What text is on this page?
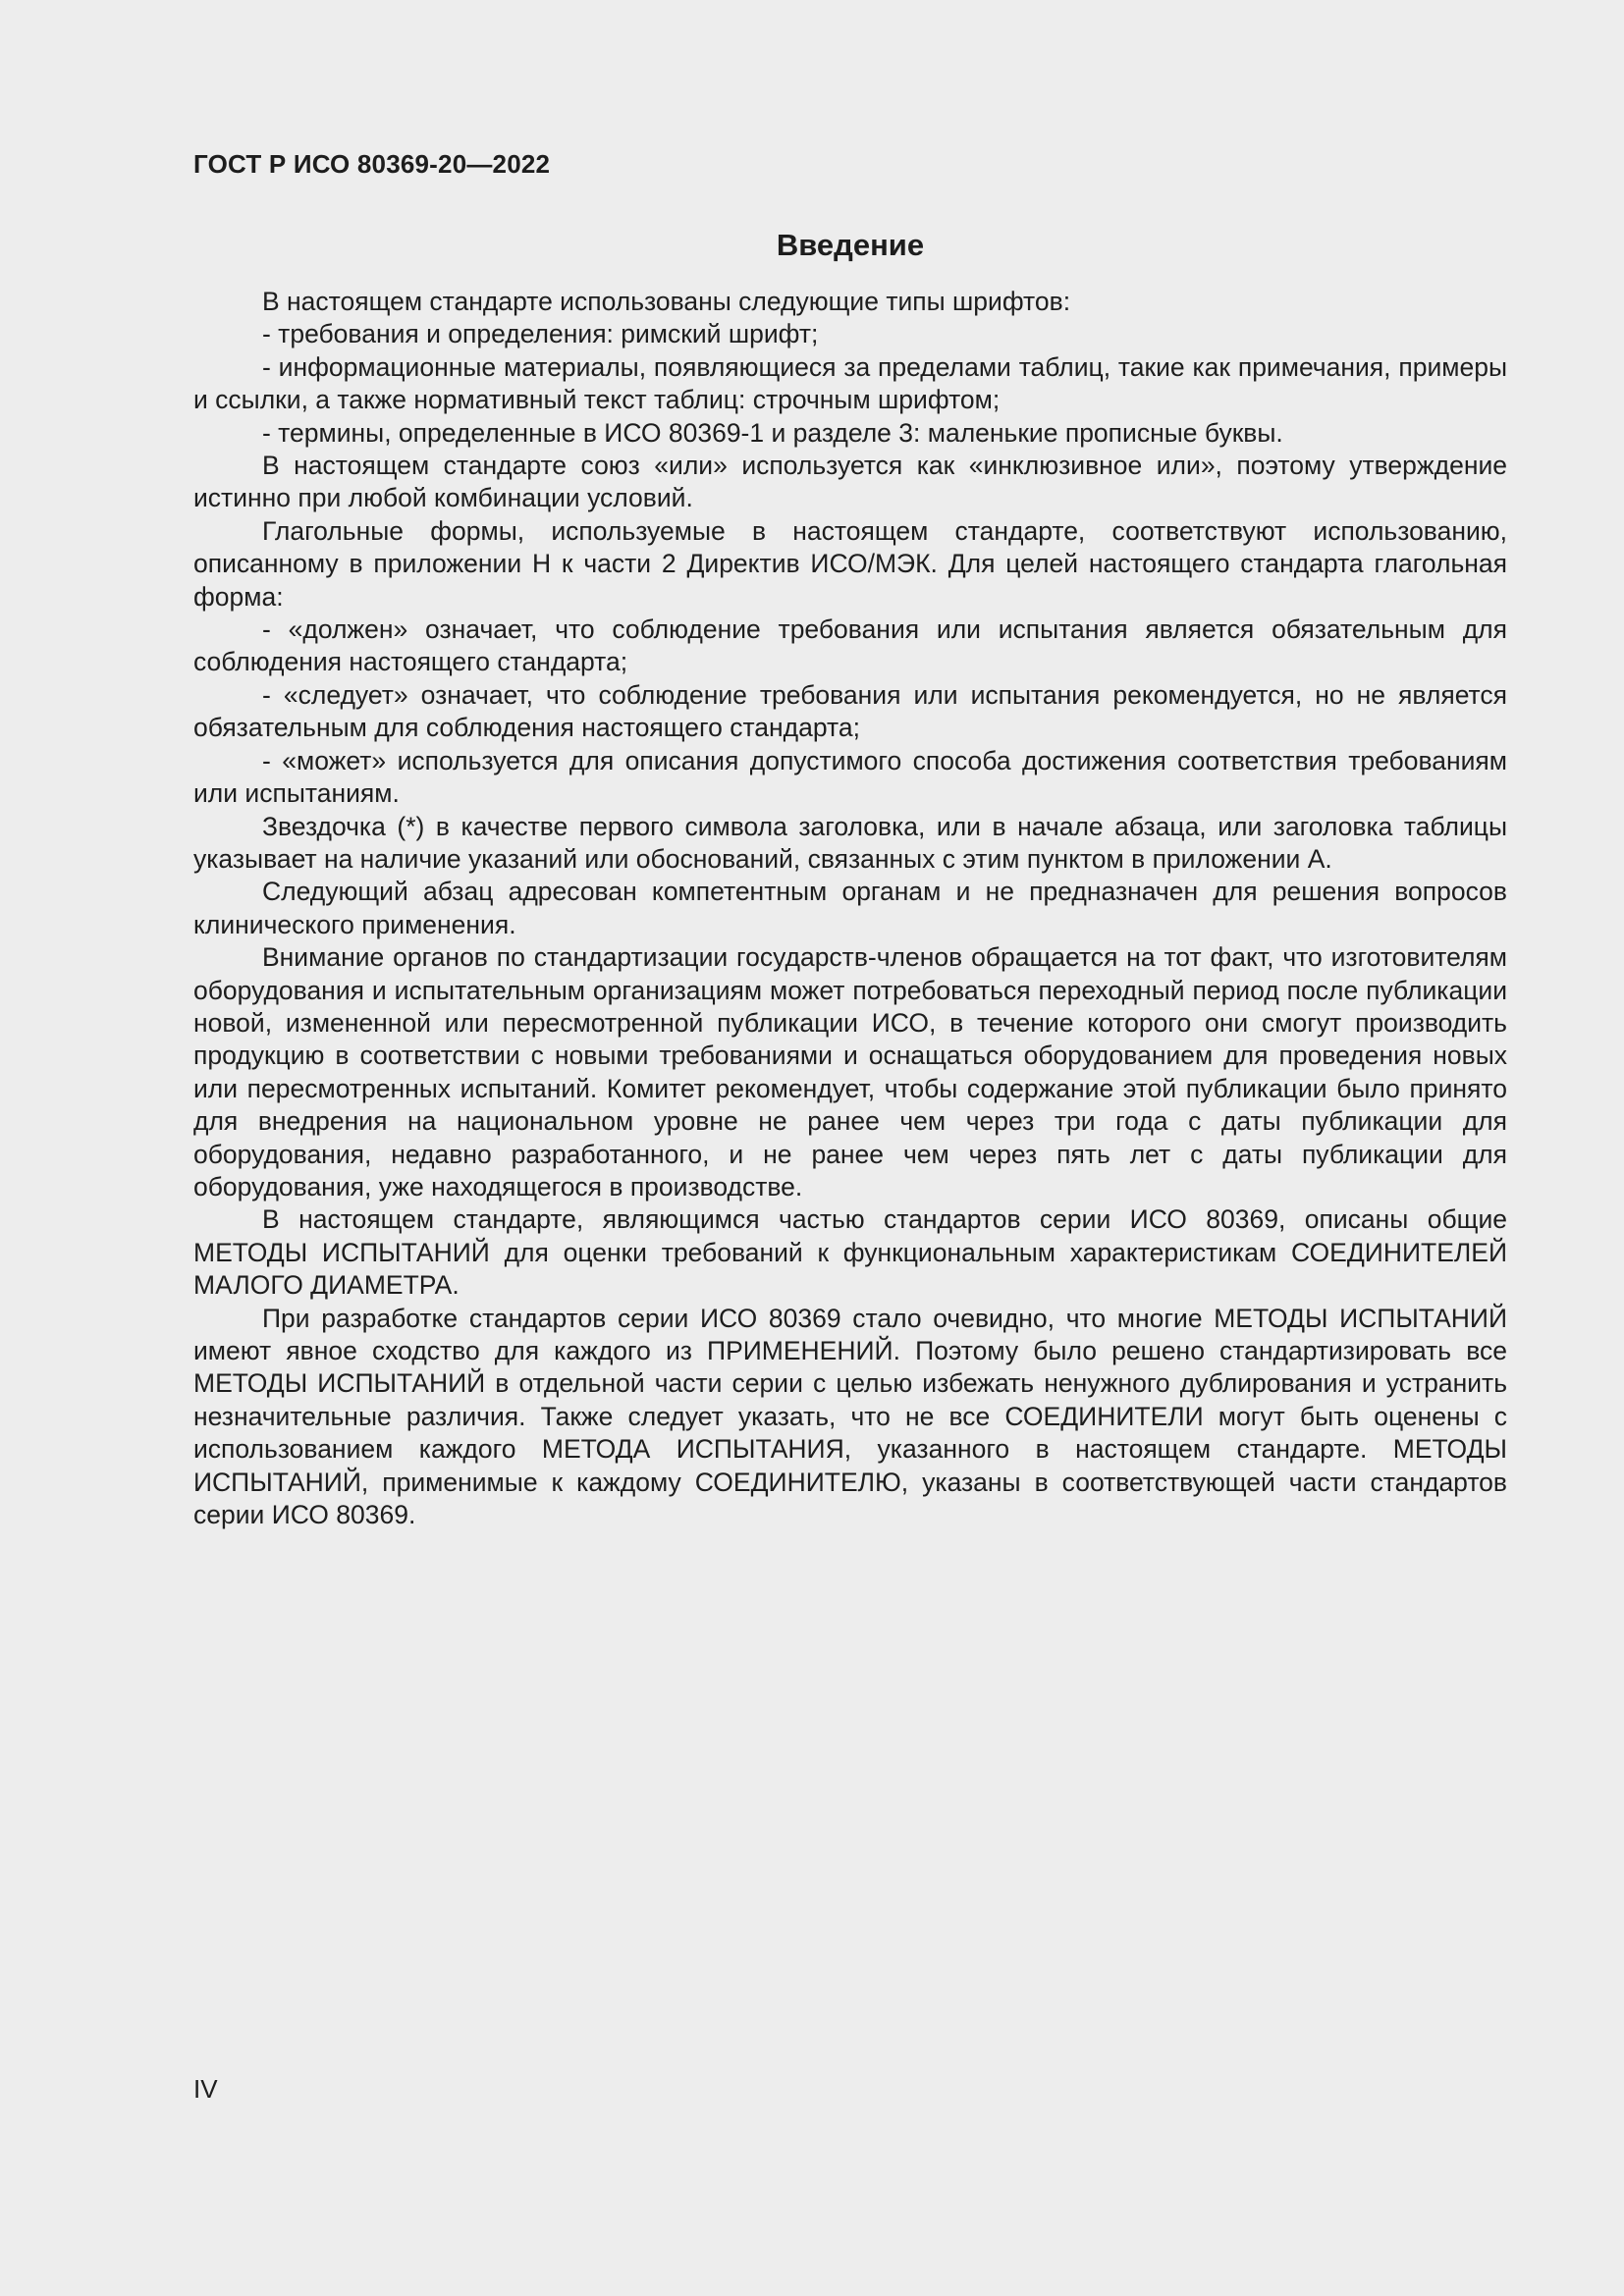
ГОСТ Р ИСО 80369-20—2022
Введение

В настоящем стандарте использованы следующие типы шрифтов:

- требования и определения: римский шрифт;

- информационные материалы, появляющиеся за пределами таблиц, такие как примечания, примеры и ссылки, а также нормативный текст таблиц: строчным шрифтом;

- термины, определенные в ИСО 80369-1 и разделе 3: маленькие прописные буквы.

В настоящем стандарте союз «или» используется как «инклюзивное или», поэтому утверждение истинно при любой комбинации условий.

Глагольные формы, используемые в настоящем стандарте, соответствуют использованию, описанному в приложении H к части 2 Директив ИСО/МЭК. Для целей настоящего стандарта глагольная форма:

- «должен» означает, что соблюдение требования или испытания является обязательным для соблюдения настоящего стандарта;

- «следует» означает, что соблюдение требования или испытания рекомендуется, но не является обязательным для соблюдения настоящего стандарта;

- «может» используется для описания допустимого способа достижения соответствия требованиям или испытаниям.

Звездочка (*) в качестве первого символа заголовка, или в начале абзаца, или заголовка таблицы указывает на наличие указаний или обоснований, связанных с этим пунктом в приложении A.

Следующий абзац адресован компетентным органам и не предназначен для решения вопросов клинического применения.

Внимание органов по стандартизации государств-членов обращается на тот факт, что изготовителям оборудования и испытательным организациям может потребоваться переходный период после публикации новой, измененной или пересмотренной публикации ИСО, в течение которого они смогут производить продукцию в соответствии с новыми требованиями и оснащаться оборудованием для проведения новых или пересмотренных испытаний. Комитет рекомендует, чтобы содержание этой публикации было принято для внедрения на национальном уровне не ранее чем через три года с даты публикации для оборудования, недавно разработанного, и не ранее чем через пять лет с даты публикации для оборудования, уже находящегося в производстве.

В настоящем стандарте, являющимся частью стандартов серии ИСО 80369, описаны общие МЕТОДЫ ИСПЫТАНИЙ для оценки требований к функциональным характеристикам СОЕДИНИТЕЛЕЙ МАЛОГО ДИАМЕТРА.

При разработке стандартов серии ИСО 80369 стало очевидно, что многие МЕТОДЫ ИСПЫТАНИЙ имеют явное сходство для каждого из ПРИМЕНЕНИЙ. Поэтому было решено стандартизировать все МЕТОДЫ ИСПЫТАНИЙ в отдельной части серии с целью избежать ненужного дублирования и устранить незначительные различия. Также следует указать, что не все СОЕДИНИТЕЛИ могут быть оценены с использованием каждого МЕТОДА ИСПЫТАНИЯ, указанного в настоящем стандарте. МЕТОДЫ ИСПЫТАНИЙ, применимые к каждому СОЕДИНИТЕЛЮ, указаны в соответствующей части стандартов серии ИСО 80369.

IV
